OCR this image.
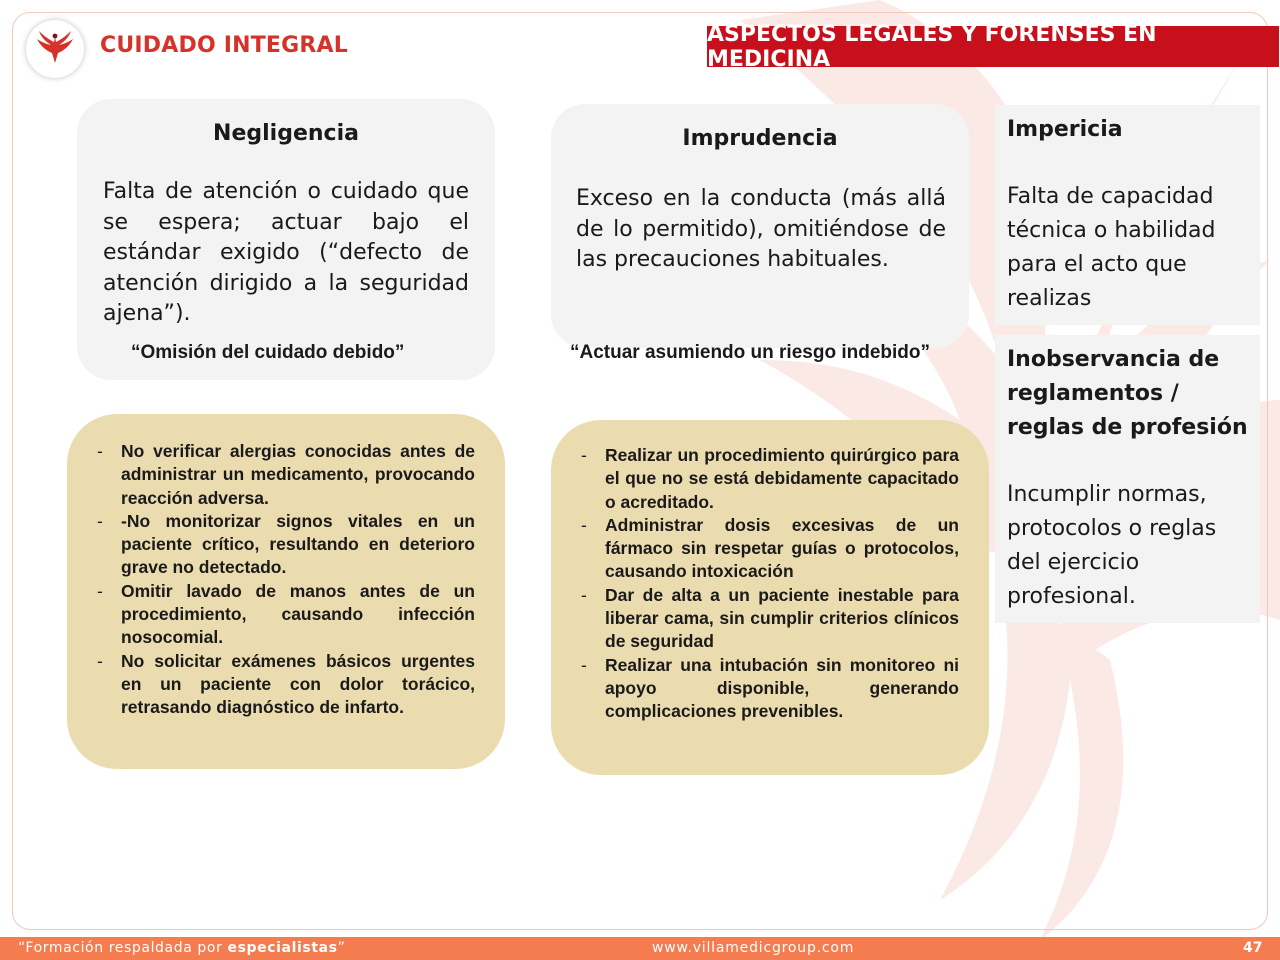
CUIDADO INTEGRAL	ASPECTOS LEGALES Y FORENSES EN MEDICINA
Negligencia
Falta de atención o cuidado que se espera; actuar bajo el estándar exigido (“defecto de atención dirigido a la seguridad ajena”).
“Omisión del cuidado debido”
Imprudencia
Exceso en la conducta (más allá de lo permitido), omitiéndose de las precauciones habituales.
“Actuar asumiendo un riesgo indebido”
Impericia
Falta de capacidad técnica o habilidad para el acto que realizas
Inobservancia de reglamentos / reglas de profesión
Incumplir normas, protocolos o reglas del ejercicio profesional.
- No verificar alergias conocidas antes de administrar un medicamento, provocando reacción adversa.
- -No monitorizar signos vitales en un paciente crítico, resultando en deterioro grave no detectado.
- Omitir lavado de manos antes de un procedimiento, causando infección nosocomial.
- No solicitar exámenes básicos urgentes en un paciente con dolor torácico, retrasando diagnóstico de infarto.
- Realizar un procedimiento quirúrgico para el que no se está debidamente capacitado o acreditado.
- Administrar dosis excesivas de un fármaco sin respetar guías o protocolos, causando intoxicación
- Dar de alta a un paciente inestable para liberar cama, sin cumplir criterios clínicos de seguridad
- Realizar una intubación sin monitoreo ni apoyo disponible, generando complicaciones prevenibles.
“Formación respaldada por especialistas”	www.villamedicgroup.com	47
